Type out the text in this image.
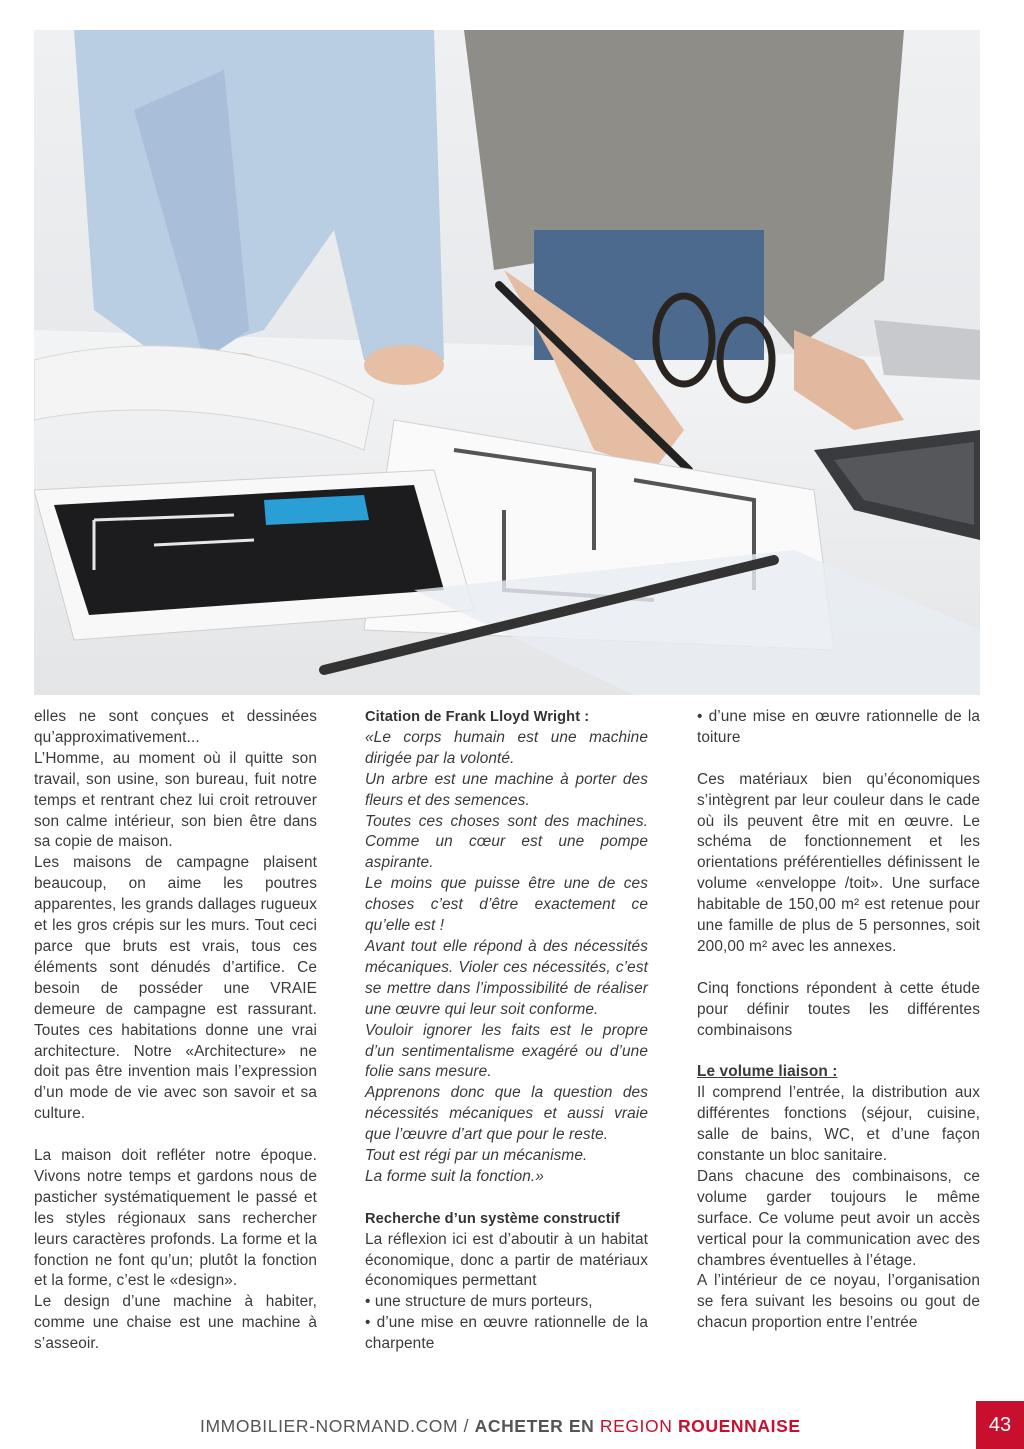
elles ne sont conçues et dessinées qu’approximativement...

L’Homme, au moment où il quitte son travail, son usine, son bureau, fuit notre temps et rentrant chez lui croit retrouver son calme intérieur, son bien être dans sa copie de maison.

Les maisons de campagne plaisent beaucoup, on aime les poutres apparentes, les grands dallages rugueux et les gros crépis sur les murs. Tout ceci parce que bruts est vrais, tous ces éléments sont dénudés d’artifice. Ce besoin de posséder une VRAIE demeure de campagne est rassurant. Toutes ces habitations donne une vrai architecture. Notre «Architecture» ne doit pas être invention mais l’expression d’un mode de vie avec son savoir et sa culture.

La maison doit refléter notre époque. Vivons notre temps et gardons nous de pasticher systématiquement le passé et les styles régionaux sans rechercher leurs caractères profonds. La forme et la fonction ne font qu’un; plutôt la fonction et la forme, c’est le «design».

Le design d’une machine à habiter, comme une chaise est une machine à s’asseoir.

Citation de Frank Lloyd Wright :

«Le corps humain est une machine dirigée par la volonté.

Un arbre est une machine à porter des fleurs et des semences.

Toutes ces choses sont des machines. Comme un cœur est une pompe aspirante.

Le moins que puisse être une de ces choses c’est d’être exactement ce qu’elle est !

Avant tout elle répond à des nécessités mécaniques. Violer ces nécessités, c’est se mettre dans l’impossibilité de réaliser une œuvre qui leur soit conforme.

Vouloir ignorer les faits est le propre d’un sentimentalisme exagéré ou d’une folie sans mesure.

Apprenons donc que la question des nécessités mécaniques et aussi vraie que l’œuvre d’art que pour le reste.

Tout est régi par un mécanisme.

La forme suit la fonction.»

Recherche d’un système constructif

La réflexion ici est d’aboutir à un habitat économique, donc a partir de matériaux économiques permettant

• une structure de murs porteurs,

• d’une mise en œuvre rationnelle de la charpente

• d’une mise en œuvre rationnelle de la toiture

Ces matériaux bien qu’économiques s’intègrent par leur couleur dans le cade où ils peuvent être mit en œuvre. Le schéma de fonctionnement et les orientations préférentielles définissent le volume «enveloppe /toit». Une surface habitable de 150,00 m² est retenue pour une famille de plus de 5 personnes, soit 200,00 m² avec les annexes.

Cinq fonctions répondent à cette étude pour définir toutes les différentes combinaisons

Le volume liaison :

Il comprend l’entrée, la distribution aux différentes fonctions (séjour, cuisine, salle de bains, WC, et d’une façon constante un bloc sanitaire.

Dans chacune des combinaisons, ce volume garder toujours le même surface. Ce volume peut avoir un accès vertical pour la communication avec des chambres éventuelles à l’étage.

A l’intérieur de ce noyau, l’organisation se fera suivant les besoins ou gout de chacun proportion entre l’entrée

IMMOBILIER-NORMAND.COM / ACHETER EN REGION ROUENNAISE	43
